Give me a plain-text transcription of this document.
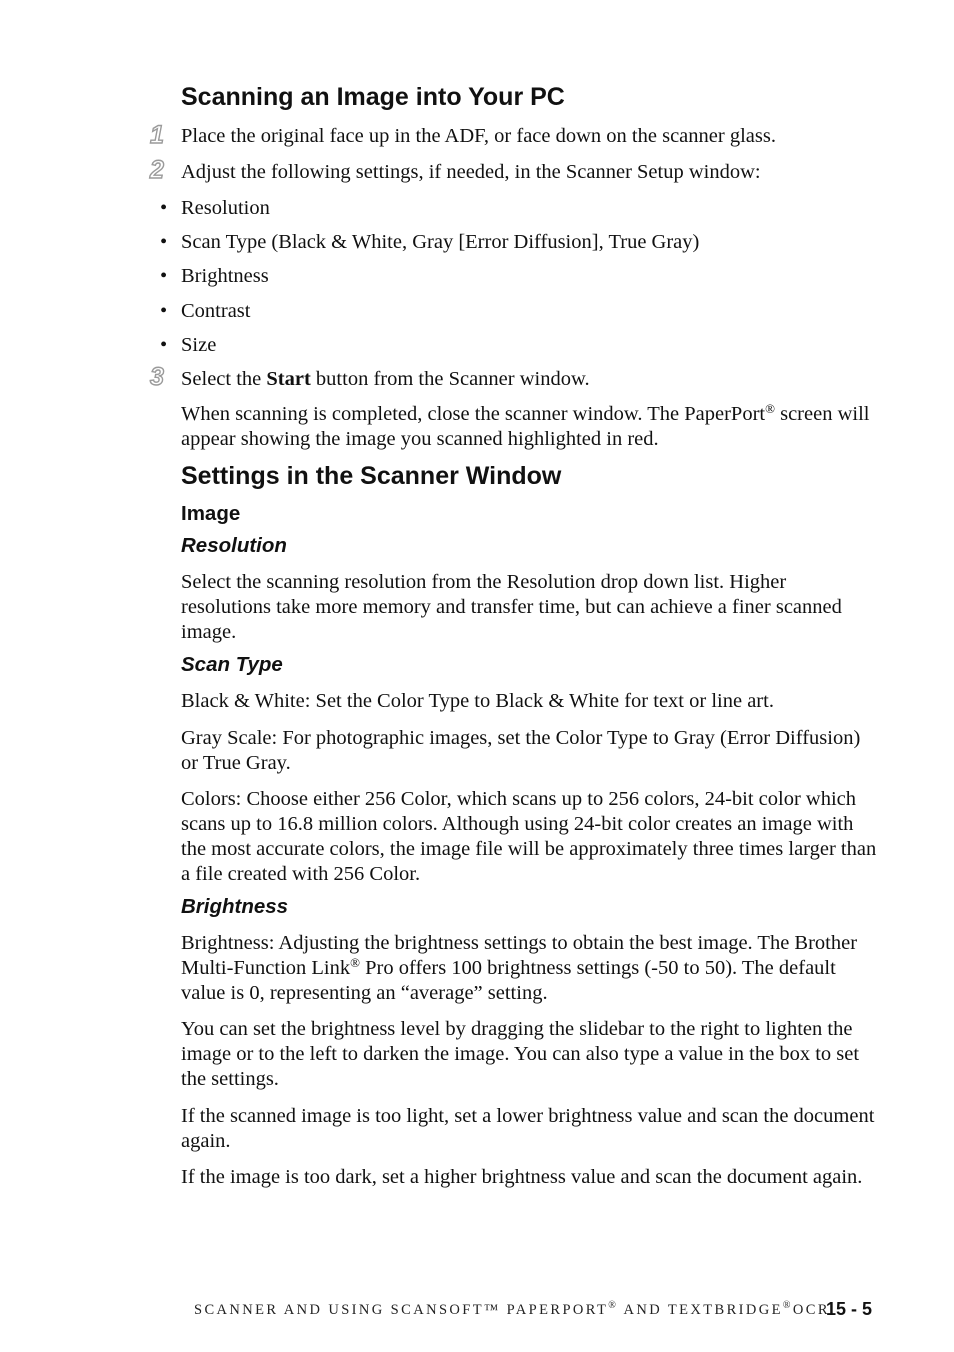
Scanning an Image into Your PC
1 Place the original face up in the ADF, or face down on the scanner glass.

2 Adjust the following settings, if needed, in the Scanner Setup window:

• Resolution

• Scan Type (Black & White, Gray [Error Diffusion], True Gray)

• Brightness

• Contrast

• Size

3 Select the Start button from the Scanner window.

When scanning is completed, close the scanner window. The PaperPort® screen will appear showing the image you scanned highlighted in red.

Settings in the Scanner Window
Image
Resolution

Select the scanning resolution from the Resolution drop down list. Higher resolutions take more memory and transfer time, but can achieve a finer scanned image.

Scan Type

Black & White: Set the Color Type to Black & White for text or line art.

Gray Scale: For photographic images, set the Color Type to Gray (Error Diffusion) or True Gray.

Colors: Choose either 256 Color, which scans up to 256 colors, 24-bit color which scans up to 16.8 million colors. Although using 24-bit color creates an image with the most accurate colors, the image file will be approximately three times larger than a file created with 256 Color.

Brightness

Brightness: Adjusting the brightness settings to obtain the best image. The Brother Multi-Function Link® Pro offers 100 brightness settings (-50 to 50). The default value is 0, representing an “average” setting.

You can set the brightness level by dragging the slidebar to the right to lighten the image or to the left to darken the image. You can also type a value in the box to set the settings.

If the scanned image is too light, set a lower brightness value and scan the document again.

If the image is too dark, set a higher brightness value and scan the document again.

SCANNER AND USING SCANSOFT™ PAPERPORT® AND TEXTBRIDGE®OCR
15 - 5
